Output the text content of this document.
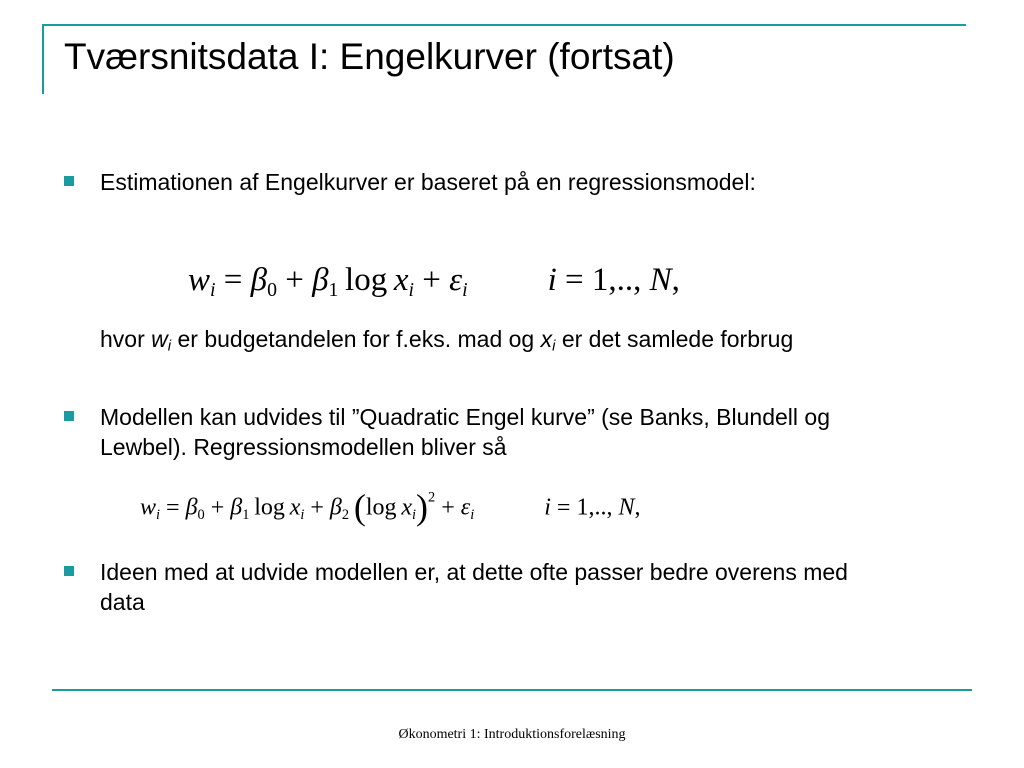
Tværsnitsdata I: Engelkurver (fortsat)
Estimationen af Engelkurver er baseret på en regressionsmodel:
$w_i = \beta_0 + \beta_1$  $\log x_i + \varepsilon_i$ i = 1,.., N,
hvor $w_i$ er budgetandelen for f.eks. mad og $x_i$ er det samlede forbrug
Modellen kan udvides til ”Quadratic Engel kurve” (se Banks, Blundell og Lewbel). Regressionsmodellen bliver så
$w_i = \beta_0 + \beta_1$  $\log x_i + \beta_2$  (log  $x_i)^2 + \varepsilon_i$	i = 1,.., N,
Ideen med at udvide modellen er, at dette ofte passer bedre overens med data
Økonometri 1: Introduktionsforelæsning
